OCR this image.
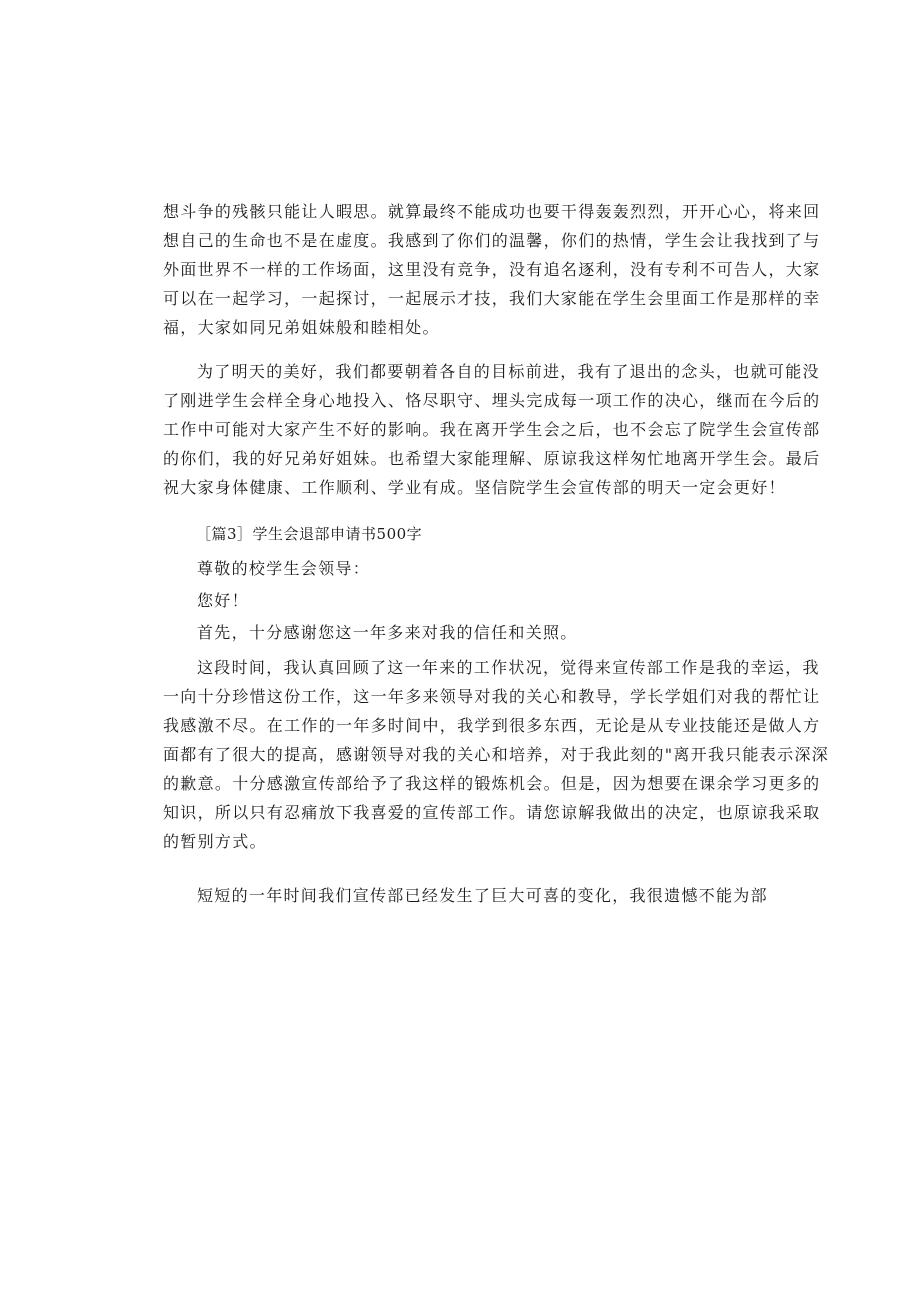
想斗争的残骸只能让人暇思。就算最终不能成功也要干得轰轰烈烈，开开心心，将来回
想自己的生命也不是在虚度。我感到了你们的温馨，你们的热情，学生会让我找到了与
外面世界不一样的工作场面，这里没有竞争，没有追名逐利，没有专利不可告人，大家
可以在一起学习，一起探讨，一起展示才技，我们大家能在学生会里面工作是那样的幸
福，大家如同兄弟姐妹般和睦相处。
为了明天的美好，我们都要朝着各自的目标前进，我有了退出的念头，也就可能没
了刚进学生会样全身心地投入、恪尽职守、埋头完成每一项工作的决心，继而在今后的
工作中可能对大家产生不好的影响。我在离开学生会之后，也不会忘了院学生会宣传部
的你们，我的好兄弟好姐妹。也希望大家能理解、原谅我这样匆忙地离开学生会。最后
祝大家身体健康、工作顺利、学业有成。坚信院学生会宣传部的明天一定会更好！
［篇3］学生会退部申请书500字
尊敬的校学生会领导：
您好！
首先，十分感谢您这一年多来对我的信任和关照。
这段时间，我认真回顾了这一年来的工作状况，觉得来宣传部工作是我的幸运，我
一向十分珍惜这份工作，这一年多来领导对我的关心和教导，学长学姐们对我的帮忙让
我感激不尽。在工作的一年多时间中，我学到很多东西，无论是从专业技能还是做人方
面都有了很大的提高，感谢领导对我的关心和培养，对于我此刻的"离开我只能表示深深
的歉意。十分感激宣传部给予了我这样的锻炼机会。但是，因为想要在课余学习更多的
知识，所以只有忍痛放下我喜爱的宣传部工作。请您谅解我做出的决定，也原谅我采取
的暂别方式。
短短的一年时间我们宣传部已经发生了巨大可喜的变化，我很遗憾不能为部
